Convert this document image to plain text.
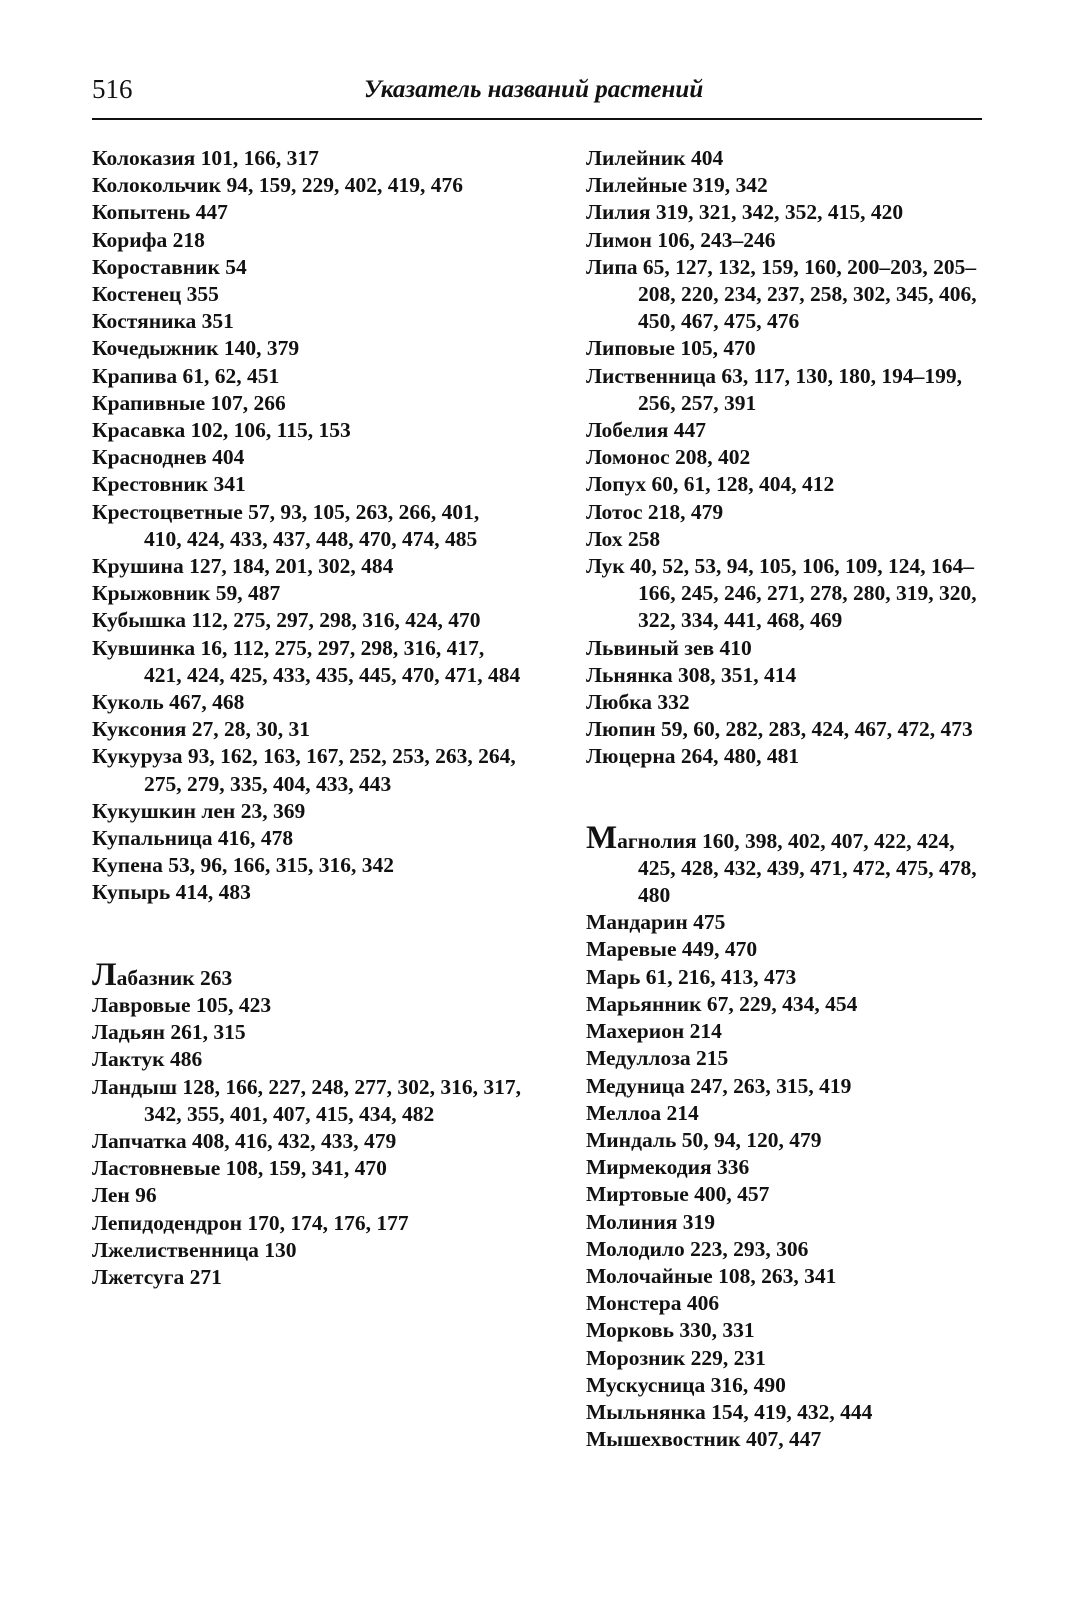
516	Указатель названий растений
Колоказия 101, 166, 317
Колокольчик 94, 159, 229, 402, 419, 476
Копытень 447
Корифа 218
Короставник 54
Костенец 355
Костяника 351
Кочедыжник 140, 379
Крапива 61, 62, 451
Крапивные 107, 266
Красавка 102, 106, 115, 153
Красноднев 404
Крестовник 341
Крестоцветные 57, 93, 105, 263, 266, 401, 410, 424, 433, 437, 448, 470, 474, 485
Крушина 127, 184, 201, 302, 484
Крыжовник 59, 487
Кубышка 112, 275, 297, 298, 316, 424, 470
Кувшинка 16, 112, 275, 297, 298, 316, 417, 421, 424, 425, 433, 435, 445, 470, 471, 484
Куколь 467, 468
Куксония 27, 28, 30, 31
Кукуруза 93, 162, 163, 167, 252, 253, 263, 264, 275, 279, 335, 404, 433, 443
Кукушкин лен 23, 369
Купальница 416, 478
Купена 53, 96, 166, 315, 316, 342
Купырь 414, 483
Лабазник 263
Лавровые 105, 423
Ладьян 261, 315
Лактук 486
Ландыш 128, 166, 227, 248, 277, 302, 316, 317, 342, 355, 401, 407, 415, 434, 482
Лапчатка 408, 416, 432, 433, 479
Ластовневые 108, 159, 341, 470
Лен 96
Лепидодендрон 170, 174, 176, 177
Лжелиственница 130
Лжетсуга 271
Лилейник 404
Лилейные 319, 342
Лилия 319, 321, 342, 352, 415, 420
Лимон 106, 243–246
Липа 65, 127, 132, 159, 160, 200–203, 205–208, 220, 234, 237, 258, 302, 345, 406, 450, 467, 475, 476
Липовые 105, 470
Лиственница 63, 117, 130, 180, 194–199, 256, 257, 391
Лобелия 447
Ломонос 208, 402
Лопух 60, 61, 128, 404, 412
Лотос 218, 479
Лох 258
Лук 40, 52, 53, 94, 105, 106, 109, 124, 164–166, 245, 246, 271, 278, 280, 319, 320, 322, 334, 441, 468, 469
Львиный зев 410
Льнянка 308, 351, 414
Любка 332
Люпин 59, 60, 282, 283, 424, 467, 472, 473
Люцерна 264, 480, 481
Магнолия 160, 398, 402, 407, 422, 424, 425, 428, 432, 439, 471, 472, 475, 478, 480
Мандарин 475
Маревые 449, 470
Марь 61, 216, 413, 473
Марьянник 67, 229, 434, 454
Махерион 214
Медуллоза 215
Медуница 247, 263, 315, 419
Меллоа 214
Миндаль 50, 94, 120, 479
Мирмекодия 336
Миртовые 400, 457
Молиния 319
Молодило 223, 293, 306
Молочайные 108, 263, 341
Монстера 406
Морковь 330, 331
Морозник 229, 231
Мускусница 316, 490
Мыльнянка 154, 419, 432, 444
Мышехвостник 407, 447
